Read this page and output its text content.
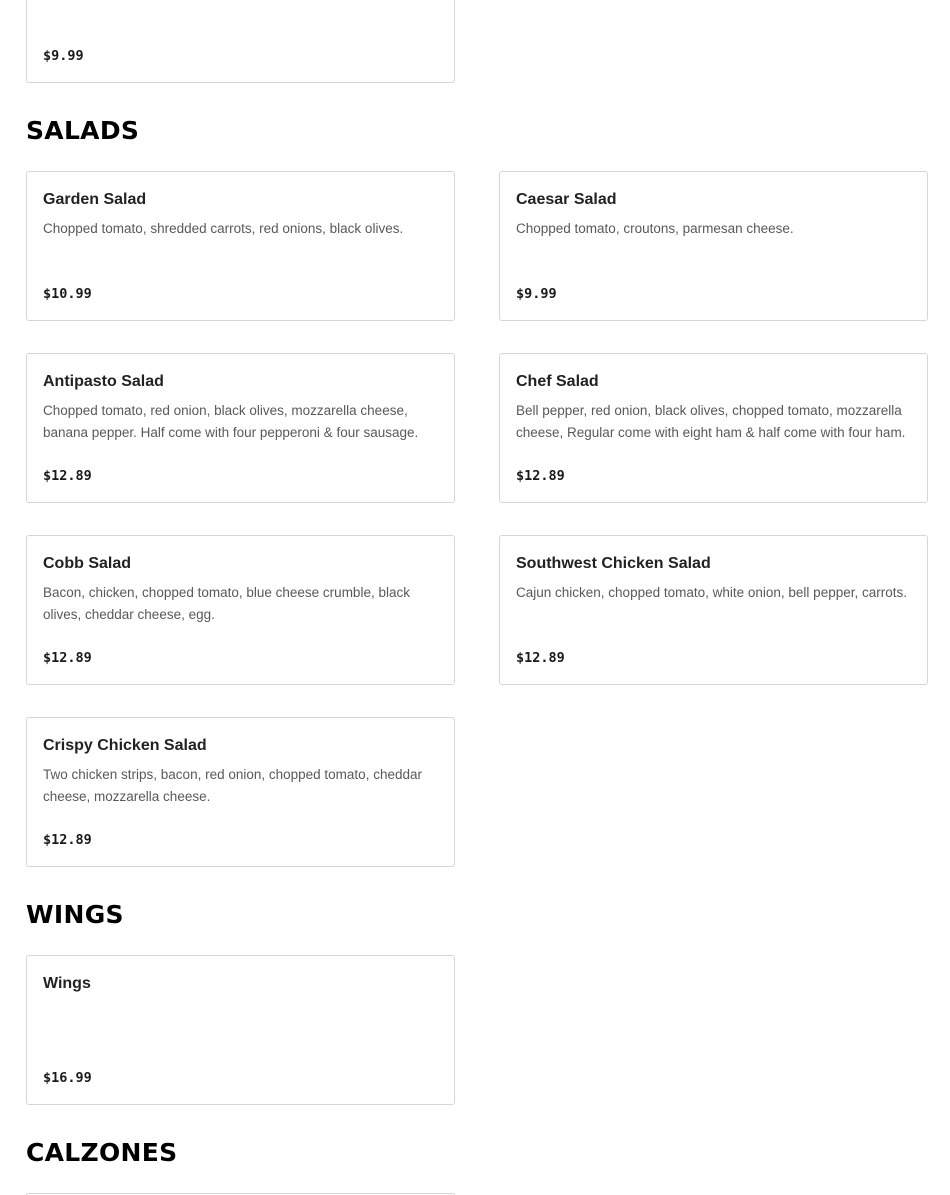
$9.99
SALADS
Garden Salad
Chopped tomato, shredded carrots, red onions, black olives.
$10.99
Caesar Salad
Chopped tomato, croutons, parmesan cheese.
$9.99
Antipasto Salad
Chopped tomato, red onion, black olives, mozzarella cheese, banana pepper. Half come with four pepperoni & four sausage.
$12.89
Chef Salad
Bell pepper, red onion, black olives, chopped tomato, mozzarella cheese, Regular come with eight ham & half come with four ham.
$12.89
Cobb Salad
Bacon, chicken, chopped tomato, blue cheese crumble, black olives, cheddar cheese, egg.
$12.89
Southwest Chicken Salad
Cajun chicken, chopped tomato, white onion, bell pepper, carrots.
$12.89
Crispy Chicken Salad
Two chicken strips, bacon, red onion, chopped tomato, cheddar cheese, mozzarella cheese.
$12.89
WINGS
Wings
$16.99
CALZONES
